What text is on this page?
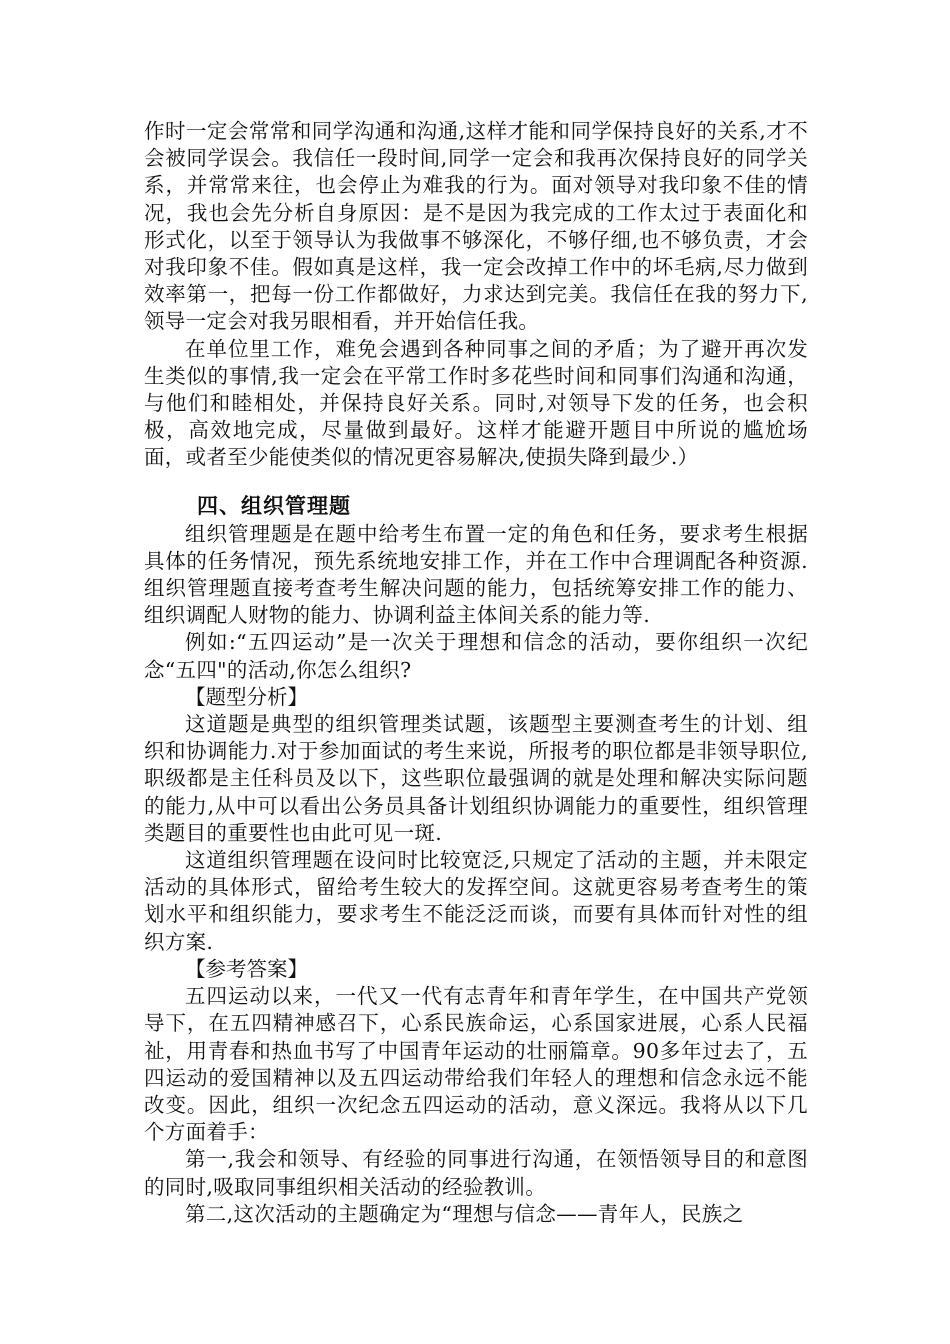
作时一定会常常和同学沟通和沟通,这样才能和同学保持良好的关系,才不会被同学误会。我信任一段时间,同学一定会和我再次保持良好的同学关系，并常常来往，也会停止为难我的行为。面对领导对我印象不佳的情况，我也会先分析自身原因：是不是因为我完成的工作太过于表面化和形式化，以至于领导认为我做事不够深化，不够仔细,也不够负责，才会对我印象不佳。假如真是这样，我一定会改掉工作中的坏毛病,尽力做到效率第一，把每一份工作都做好，力求达到完美。我信任在我的努力下,领导一定会对我另眼相看，并开始信任我。

在单位里工作，难免会遇到各种同事之间的矛盾；为了避开再次发生类似的事情,我一定会在平常工作时多花些时间和同事们沟通和沟通，与他们和睦相处，并保持良好关系。同时,对领导下发的任务，也会积极，高效地完成，尽量做到最好。这样才能避开题目中所说的尴尬场面，或者至少能使类似的情况更容易解决,使损失降到最少.）

四、组织管理题

组织管理题是在题中给考生布置一定的角色和任务，要求考生根据具体的任务情况，预先系统地安排工作，并在工作中合理调配各种资源.组织管理题直接考查考生解决问题的能力，包括统筹安排工作的能力、组织调配人财物的能力、协调利益主体间关系的能力等.

例如:“五四运动”是一次关于理想和信念的活动，要你组织一次纪念“五四"的活动,你怎么组织?

【题型分析】

这道题是典型的组织管理类试题，该题型主要测查考生的计划、组织和协调能力.对于参加面试的考生来说，所报考的职位都是非领导职位,职级都是主任科员及以下，这些职位最强调的就是处理和解决实际问题的能力,从中可以看出公务员具备计划组织协调能力的重要性，组织管理类题目的重要性也由此可见一斑.

这道组织管理题在设问时比较宽泛,只规定了活动的主题，并未限定活动的具体形式，留给考生较大的发挥空间。这就更容易考查考生的策划水平和组织能力，要求考生不能泛泛而谈，而要有具体而针对性的组织方案.

【参考答案】

五四运动以来，一代又一代有志青年和青年学生，在中国共产党领导下，在五四精神感召下，心系民族命运，心系国家进展，心系人民福祉，用青春和热血书写了中国青年运动的壮丽篇章。90多年过去了，五四运动的爱国精神以及五四运动带给我们年轻人的理想和信念永远不能改变。因此，组织一次纪念五四运动的活动，意义深远。我将从以下几个方面着手：

第一,我会和领导、有经验的同事进行沟通，在领悟领导目的和意图的同时,吸取同事组织相关活动的经验教训。

第二,这次活动的主题确定为“理想与信念——青年人，民族之
